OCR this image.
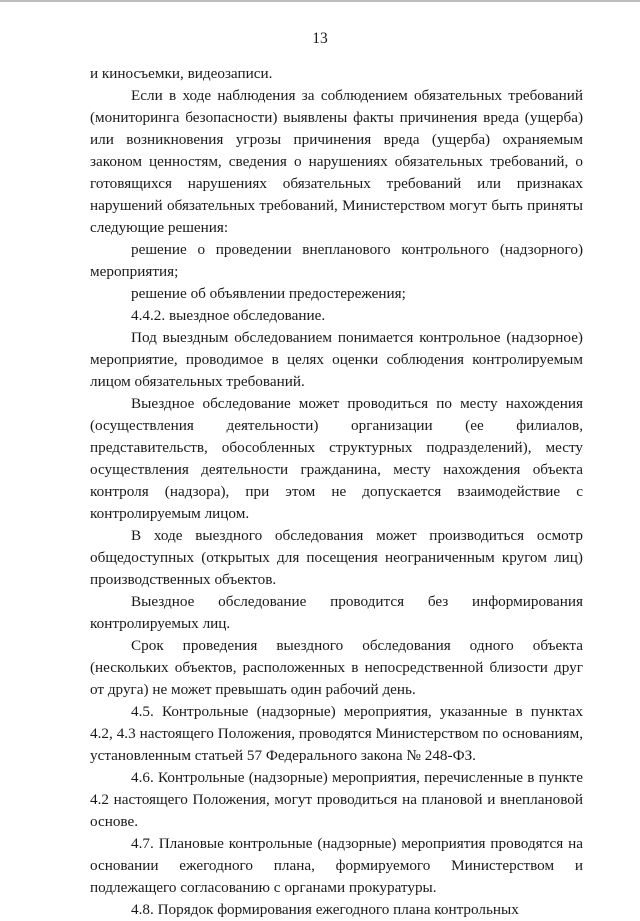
13

и киносъемки, видеозаписи.

Если в ходе наблюдения за соблюдением обязательных требований (мониторинга безопасности) выявлены факты причинения вреда (ущерба) или возникновения угрозы причинения вреда (ущерба) охраняемым законом ценностям, сведения о нарушениях обязательных требований, о готовящихся нарушениях обязательных требований или признаках нарушений обязательных требований, Министерством могут быть приняты следующие решения:

решение о проведении внепланового контрольного (надзорного) мероприятия;

решение об объявлении предостережения;

4.4.2. выездное обследование.

Под выездным обследованием понимается контрольное (надзорное) мероприятие, проводимое в целях оценки соблюдения контролируемым лицом обязательных требований.

Выездное обследование может проводиться по месту нахождения (осуществления деятельности) организации (ее филиалов, представительств, обособленных структурных подразделений), месту осуществления деятельности гражданина, месту нахождения объекта контроля (надзора), при этом не допускается взаимодействие с контролируемым лицом.

В ходе выездного обследования может производиться осмотр общедоступных (открытых для посещения неограниченным кругом лиц) производственных объектов.

Выездное обследование проводится без информирования контролируемых лиц.

Срок проведения выездного обследования одного объекта (нескольких объектов, расположенных в непосредственной близости друг от друга) не может превышать один рабочий день.

4.5. Контрольные (надзорные) мероприятия, указанные в пунктах 4.2, 4.3 настоящего Положения, проводятся Министерством по основаниям, установленным статьей 57 Федерального закона № 248-ФЗ.

4.6. Контрольные (надзорные) мероприятия, перечисленные в пункте 4.2 настоящего Положения, могут проводиться на плановой и внеплановой основе.

4.7. Плановые контрольные (надзорные) мероприятия проводятся на основании ежегодного плана, формируемого Министерством и подлежащего согласованию с органами прокуратуры.

4.8. Порядок формирования ежегодного плана контрольных
